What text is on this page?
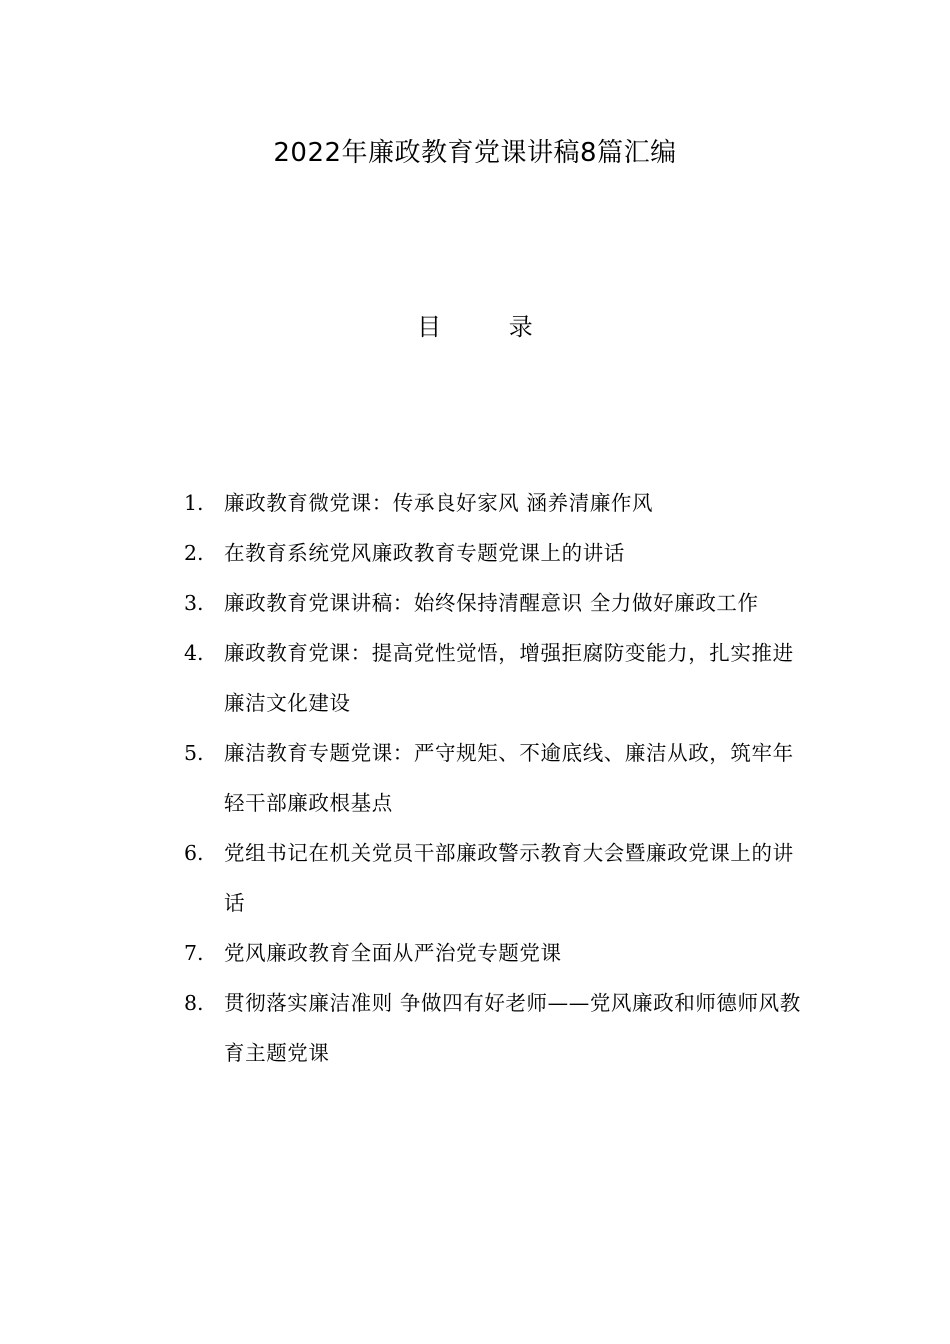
2022年廉政教育党课讲稿8篇汇编
目 录
1. 廉政教育微党课：传承良好家风 涵养清廉作风
2. 在教育系统党风廉政教育专题党课上的讲话
3. 廉政教育党课讲稿：始终保持清醒意识 全力做好廉政工作
4. 廉政教育党课：提高党性觉悟，增强拒腐防变能力，扎实推进廉洁文化建设
5. 廉洁教育专题党课：严守规矩、不逾底线、廉洁从政，筑牢年轻干部廉政根基点
6. 党组书记在机关党员干部廉政警示教育大会暨廉政党课上的讲话
7. 党风廉政教育全面从严治党专题党课
8. 贯彻落实廉洁准则 争做四有好老师——党风廉政和师德师风教育主题党课
